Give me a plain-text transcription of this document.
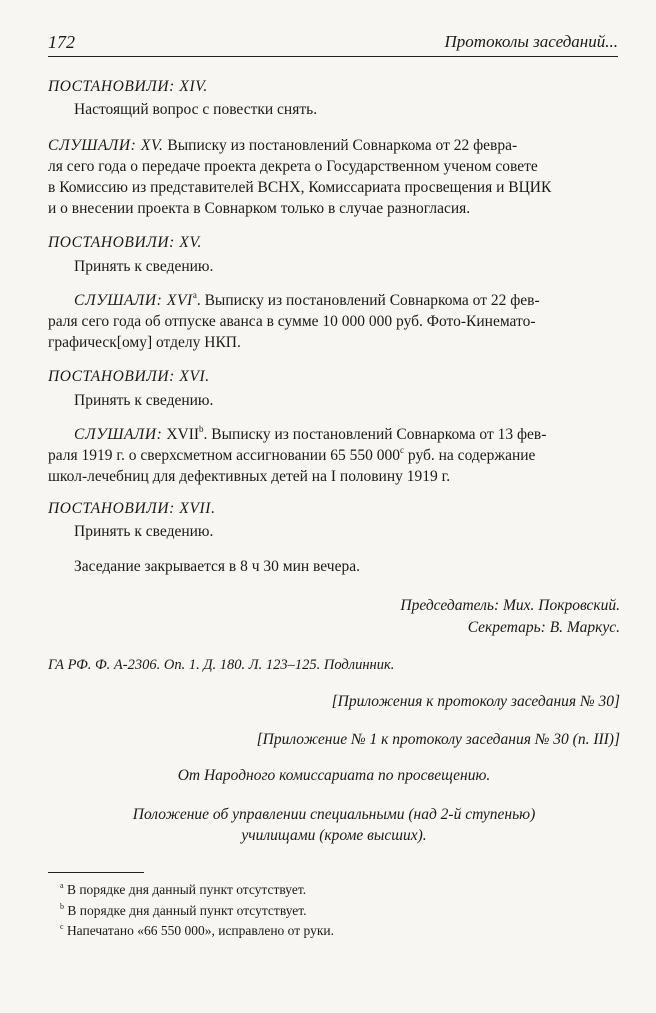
172	Протоколы заседаний...

ПОСТАНОВИЛИ: XIV.

Настоящий вопрос с повестки снять.

СЛУШАЛИ: XV. Выписку из постановлений Совнаркома от 22 февра-
ля сего года о передаче проекта декрета о Государственном ученом совете
в Комиссию из представителей ВСНХ, Комиссариата просвещения и ВЦИК
и о внесении проекта в Совнарком только в случае разногласия.

ПОСТАНОВИЛИ: XV.

Принять к сведению.

СЛУШАЛИ: XVI$^a$. Выписку из постановлений Совнаркома от 22 фев-
раля сего года об отпуске аванса в сумме 10 000 000 руб. Фото-Кинемато-
графическ[ому] отделу НКП.

ПОСТАНОВИЛИ: XVI.

Принять к сведению.

СЛУШАЛИ: XVII$^b$. Выписку из постановлений Совнаркома от 13 фев-
раля 1919 г. о сверхсметном ассигновании 65 550 000$^c$ руб. на содержание
школ-лечебниц для дефективных детей на I половину 1919 г.

ПОСТАНОВИЛИ: XVII.

Принять к сведению.

Заседание закрывается в 8 ч 30 мин вечера.

Председатель: Мих. Покровский.

Секретарь: В. Маркус.

ГА РФ. Ф. А-2306. Оп. 1. Д. 180. Л. 123–125. Подлинник.

[Приложения к протоколу заседания № 30]

[Приложение № 1 к протоколу заседания № 30 (п. III)]

От Народного комиссариата по просвещению.

Положение об управлении специальными (над 2-й ступенью)
училищами (кроме высших).

$^a$ В порядке дня данный пункт отсутствует.

$^b$ В порядке дня данный пункт отсутствует.

$^c$ Напечатано «66 550 000», исправлено от руки.
